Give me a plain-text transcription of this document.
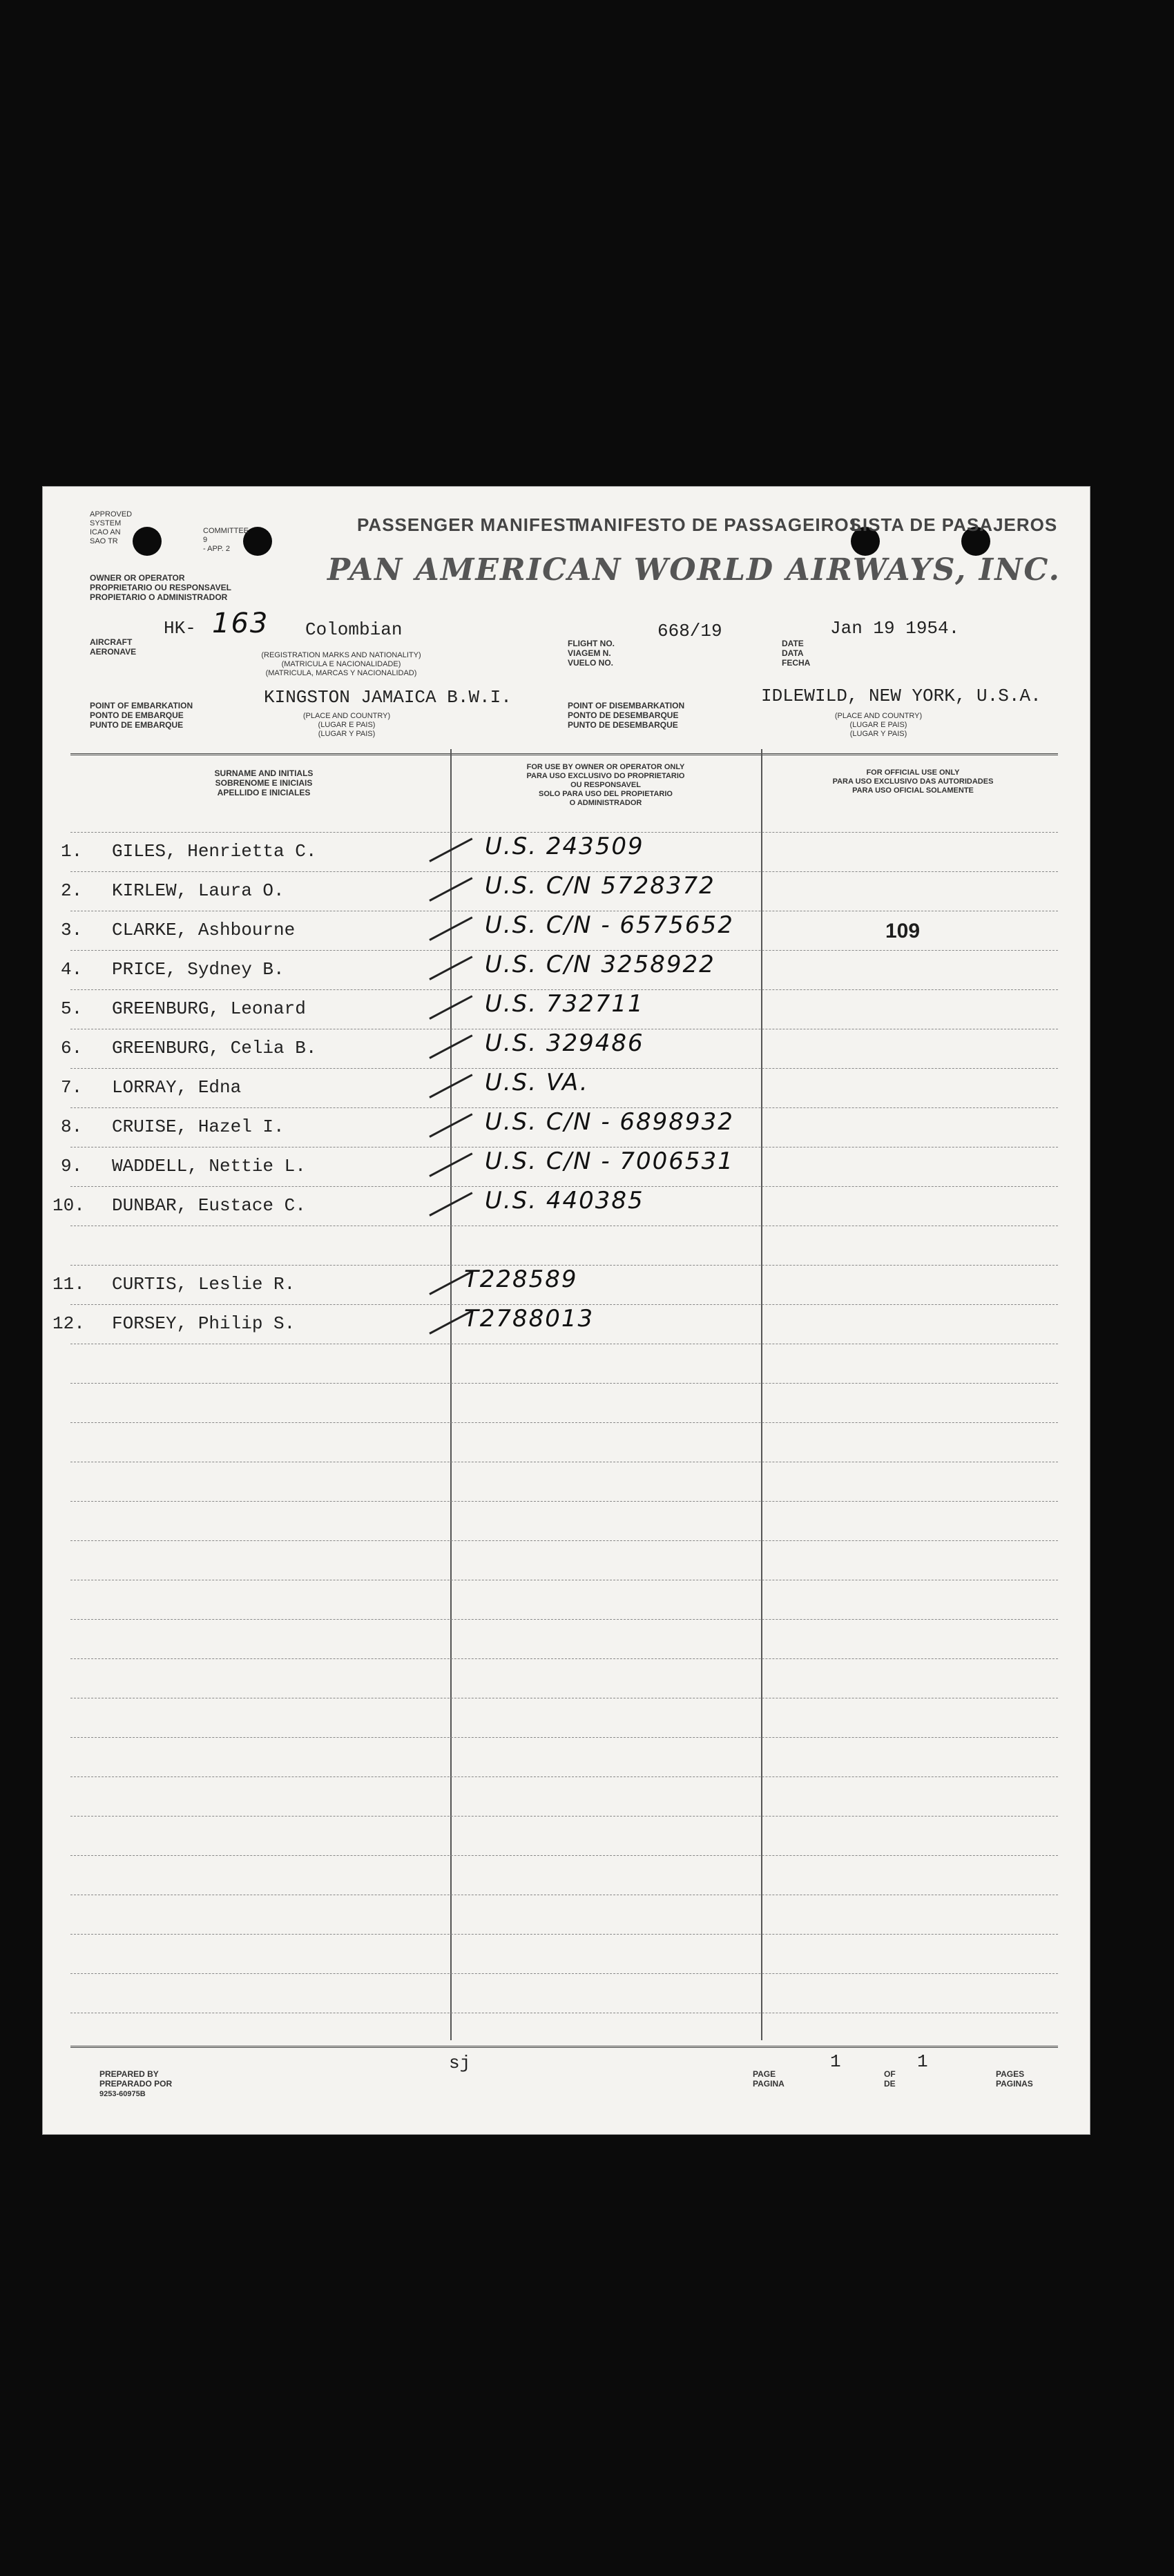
APPROVED
SYSTEM
ICAO AN
SAO TR
COMMITTEE
9
- APP. 2
PASSENGER MANIFEST
MANIFESTO DE PASSAGEIROS
LISTA DE PASAJEROS
OWNER OR OPERATOR
PROPRIETARIO OU RESPONSAVEL
PROPIETARIO O ADMINISTRADOR
PAN AMERICAN WORLD AIRWAYS, INC.
AIRCRAFT
AERONAVE
HK- 163 Colombian
(REGISTRATION MARKS AND NATIONALITY)
(MATRICULA E NACIONALIDADE)
(MATRICULA, MARCAS Y NACIONALIDAD)
FLIGHT NO.
VIAGEM N.
VUELO NO.
668/19
DATE
DATA
FECHA
Jan 19 1954.
POINT OF EMBARKATION
PONTO DE EMBARQUE
PUNTO DE EMBARQUE
KINGSTON JAMAICA B.W.I.
(PLACE AND COUNTRY)
(LUGAR E PAIS)
(LUGAR Y PAIS)
POINT OF DISEMBARKATION
PONTO DE DESEMBARQUE
PUNTO DE DESEMBARQUE
IDLEWILD, NEW YORK, U.S.A.
(PLACE AND COUNTRY)
(LUGAR E PAIS)
(LUGAR Y PAIS)
SURNAME AND INITIALS
SOBRENOME E INICIAIS
APELLIDO E INICIALES
FOR USE BY OWNER OR OPERATOR ONLY
PARA USO EXCLUSIVO DO PROPRIETARIO
OU RESPONSAVEL
SOLO PARA USO DEL PROPIETARIO
O ADMINISTRADOR
FOR OFFICIAL USE ONLY
PARA USO EXCLUSIVO DAS AUTORIDADES
PARA USO OFICIAL SOLAMENTE
1. GILES, Henrietta C.	U.S. 243509
2. KIRLEW, Laura O.	U.S. C/N 5728372
3. CLARKE, Ashbourne	U.S. C/N - 6575652	109
4. PRICE, Sydney B.	U.S. C/N 3258922
5. GREENBURG, Leonard	U.S. 732711
6. GREENBURG, Celia B.	U.S. 329486
7. LORRAY, Edna	U.S. VA.
8. CRUISE, Hazel I.	U.S. C/N - 6898932
9. WADDELL, Nettie L.	U.S. C/N - 7006531
10. DUNBAR, Eustace C.	U.S. 440385
11. CURTIS, Leslie R.	T228589
12. FORSEY, Philip S.	T2788013
PREPARED BY
PREPARADO POR
9253-60975B
sj
PAGE
PAGINA
1
OF
DE
1
PAGES
PAGINAS
